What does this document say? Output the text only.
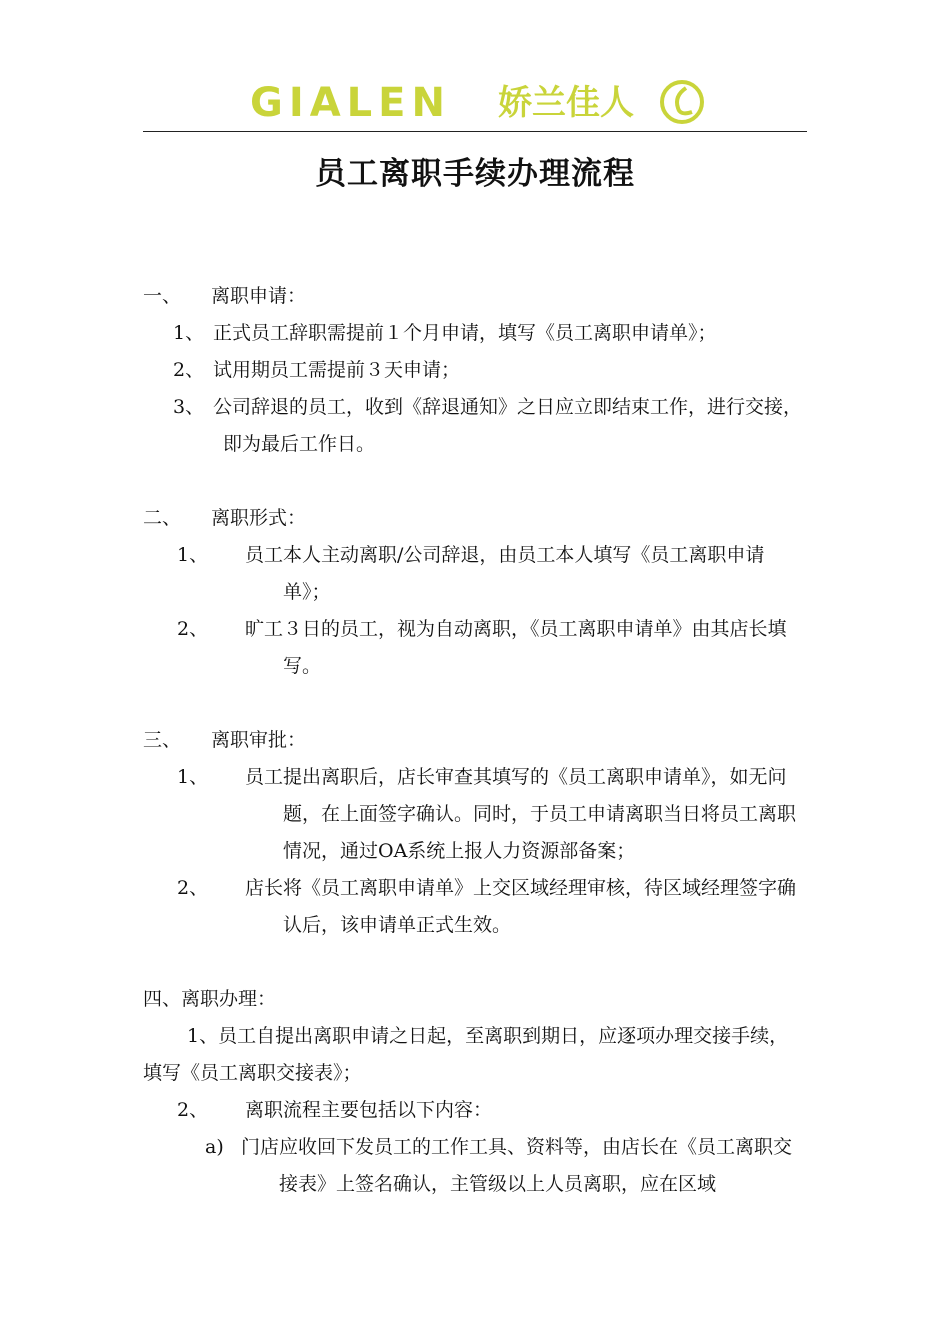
GIALEN 娇兰佳人
员工离职手续办理流程
一、	离职申请：
1、 正式员工辞职需提前１个月申请，填写《员工离职申请单》；
2、 试用期员工需提前３天申请；
3、 公司辞退的员工，收到《辞退通知》之日应立即结束工作，进行交接，即为最后工作日。
二、	离职形式：
1、	员工本人主动离职/公司辞退，由员工本人填写《员工离职申请单》；
2、	旷工３日的员工，视为自动离职，《员工离职申请单》由其店长填写。
三、	离职审批：
1、	员工提出离职后，店长审查其填写的《员工离职申请单》，如无问题，在上面签字确认。同时，于员工申请离职当日将员工离职情况，通过OA系统上报人力资源部备案；
2、	店长将《员工离职申请单》上交区域经理审核，待区域经理签字确认后，该申请单正式生效。
四、 离职办理：
1、员工自提出离职申请之日起，至离职到期日，应逐项办理交接手续，填写《员工离职交接表》；
2、	离职流程主要包括以下内容：
a) 门店应收回下发员工的工作工具、资料等，由店长在《员工离职交接表》上签名确认，主管级以上人员离职，应在区域
